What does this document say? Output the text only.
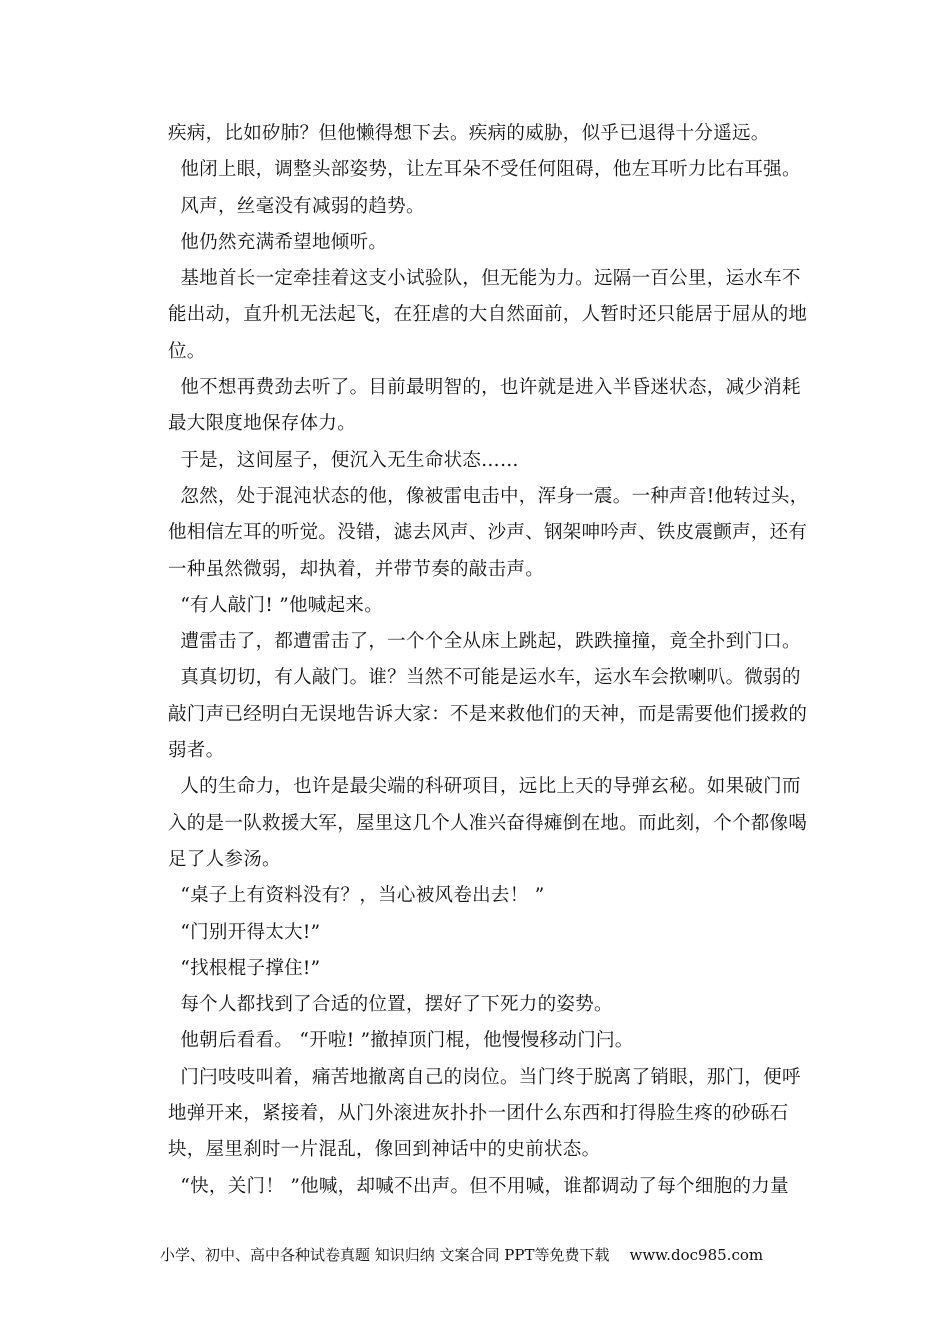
疾病，比如矽肺？但他懒得想下去。疾病的威胁，似乎已退得十分遥远。

他闭上眼，调整头部姿势，让左耳朵不受任何阻碍，他左耳听力比右耳强。

风声，丝毫没有减弱的趋势。

他仍然充满希望地倾听。

基地首长一定牵挂着这支小试验队，但无能为力。远隔一百公里，运水车不能出动，直升机无法起飞，在狂虐的大自然面前，人暂时还只能居于屈从的地位。

他不想再费劲去听了。目前最明智的，也许就是进入半昏迷状态，减少消耗最大限度地保存体力。

于是，这间屋子，便沉入无生命状态……

忽然，处于混沌状态的他，像被雷电击中，浑身一震。一种声音!他转过头，他相信左耳的听觉。没错，滤去风声、沙声、钢架呻吟声、铁皮震颤声，还有一种虽然微弱，却执着，并带节奏的敲击声。

“有人敲门! ”他喊起来。

遭雷击了，都遭雷击了，一个个全从床上跳起，跌跌撞撞，竟全扑到门口。

真真切切，有人敲门。谁？当然不可能是运水车，运水车会揿喇叭。微弱的敲门声已经明白无误地告诉大家：不是来救他们的天神，而是需要他们援救的弱者。

人的生命力，也许是最尖端的科研项目，远比上天的导弹玄秘。如果破门而入的是一队救援大军，屋里这几个人准兴奋得瘫倒在地。而此刻，个个都像喝足了人参汤。

“桌子上有资料没有？，当心被风卷出去！ ”

“门别开得太大!”

“找根棍子撑住!”

每个人都找到了合适的位置，摆好了下死力的姿势。

他朝后看看。 “开啦! ”撤掉顶门棍，他慢慢移动门闩。

门闩吱吱叫着，痛苦地撤离自己的岗位。当门终于脱离了销眼，那门，便呼地弹开来，紧接着，从门外滚进灰扑扑一团什么东西和打得脸生疼的砂砾石块，屋里刹时一片混乱，像回到神话中的史前状态。

“快，关门！ ”他喊，却喊不出声。但不用喊，谁都调动了每个细胞的力量

小学、初中、高中各种试卷真题 知识归纳 文案合同 PPT等免费下载 www.doc985.com
